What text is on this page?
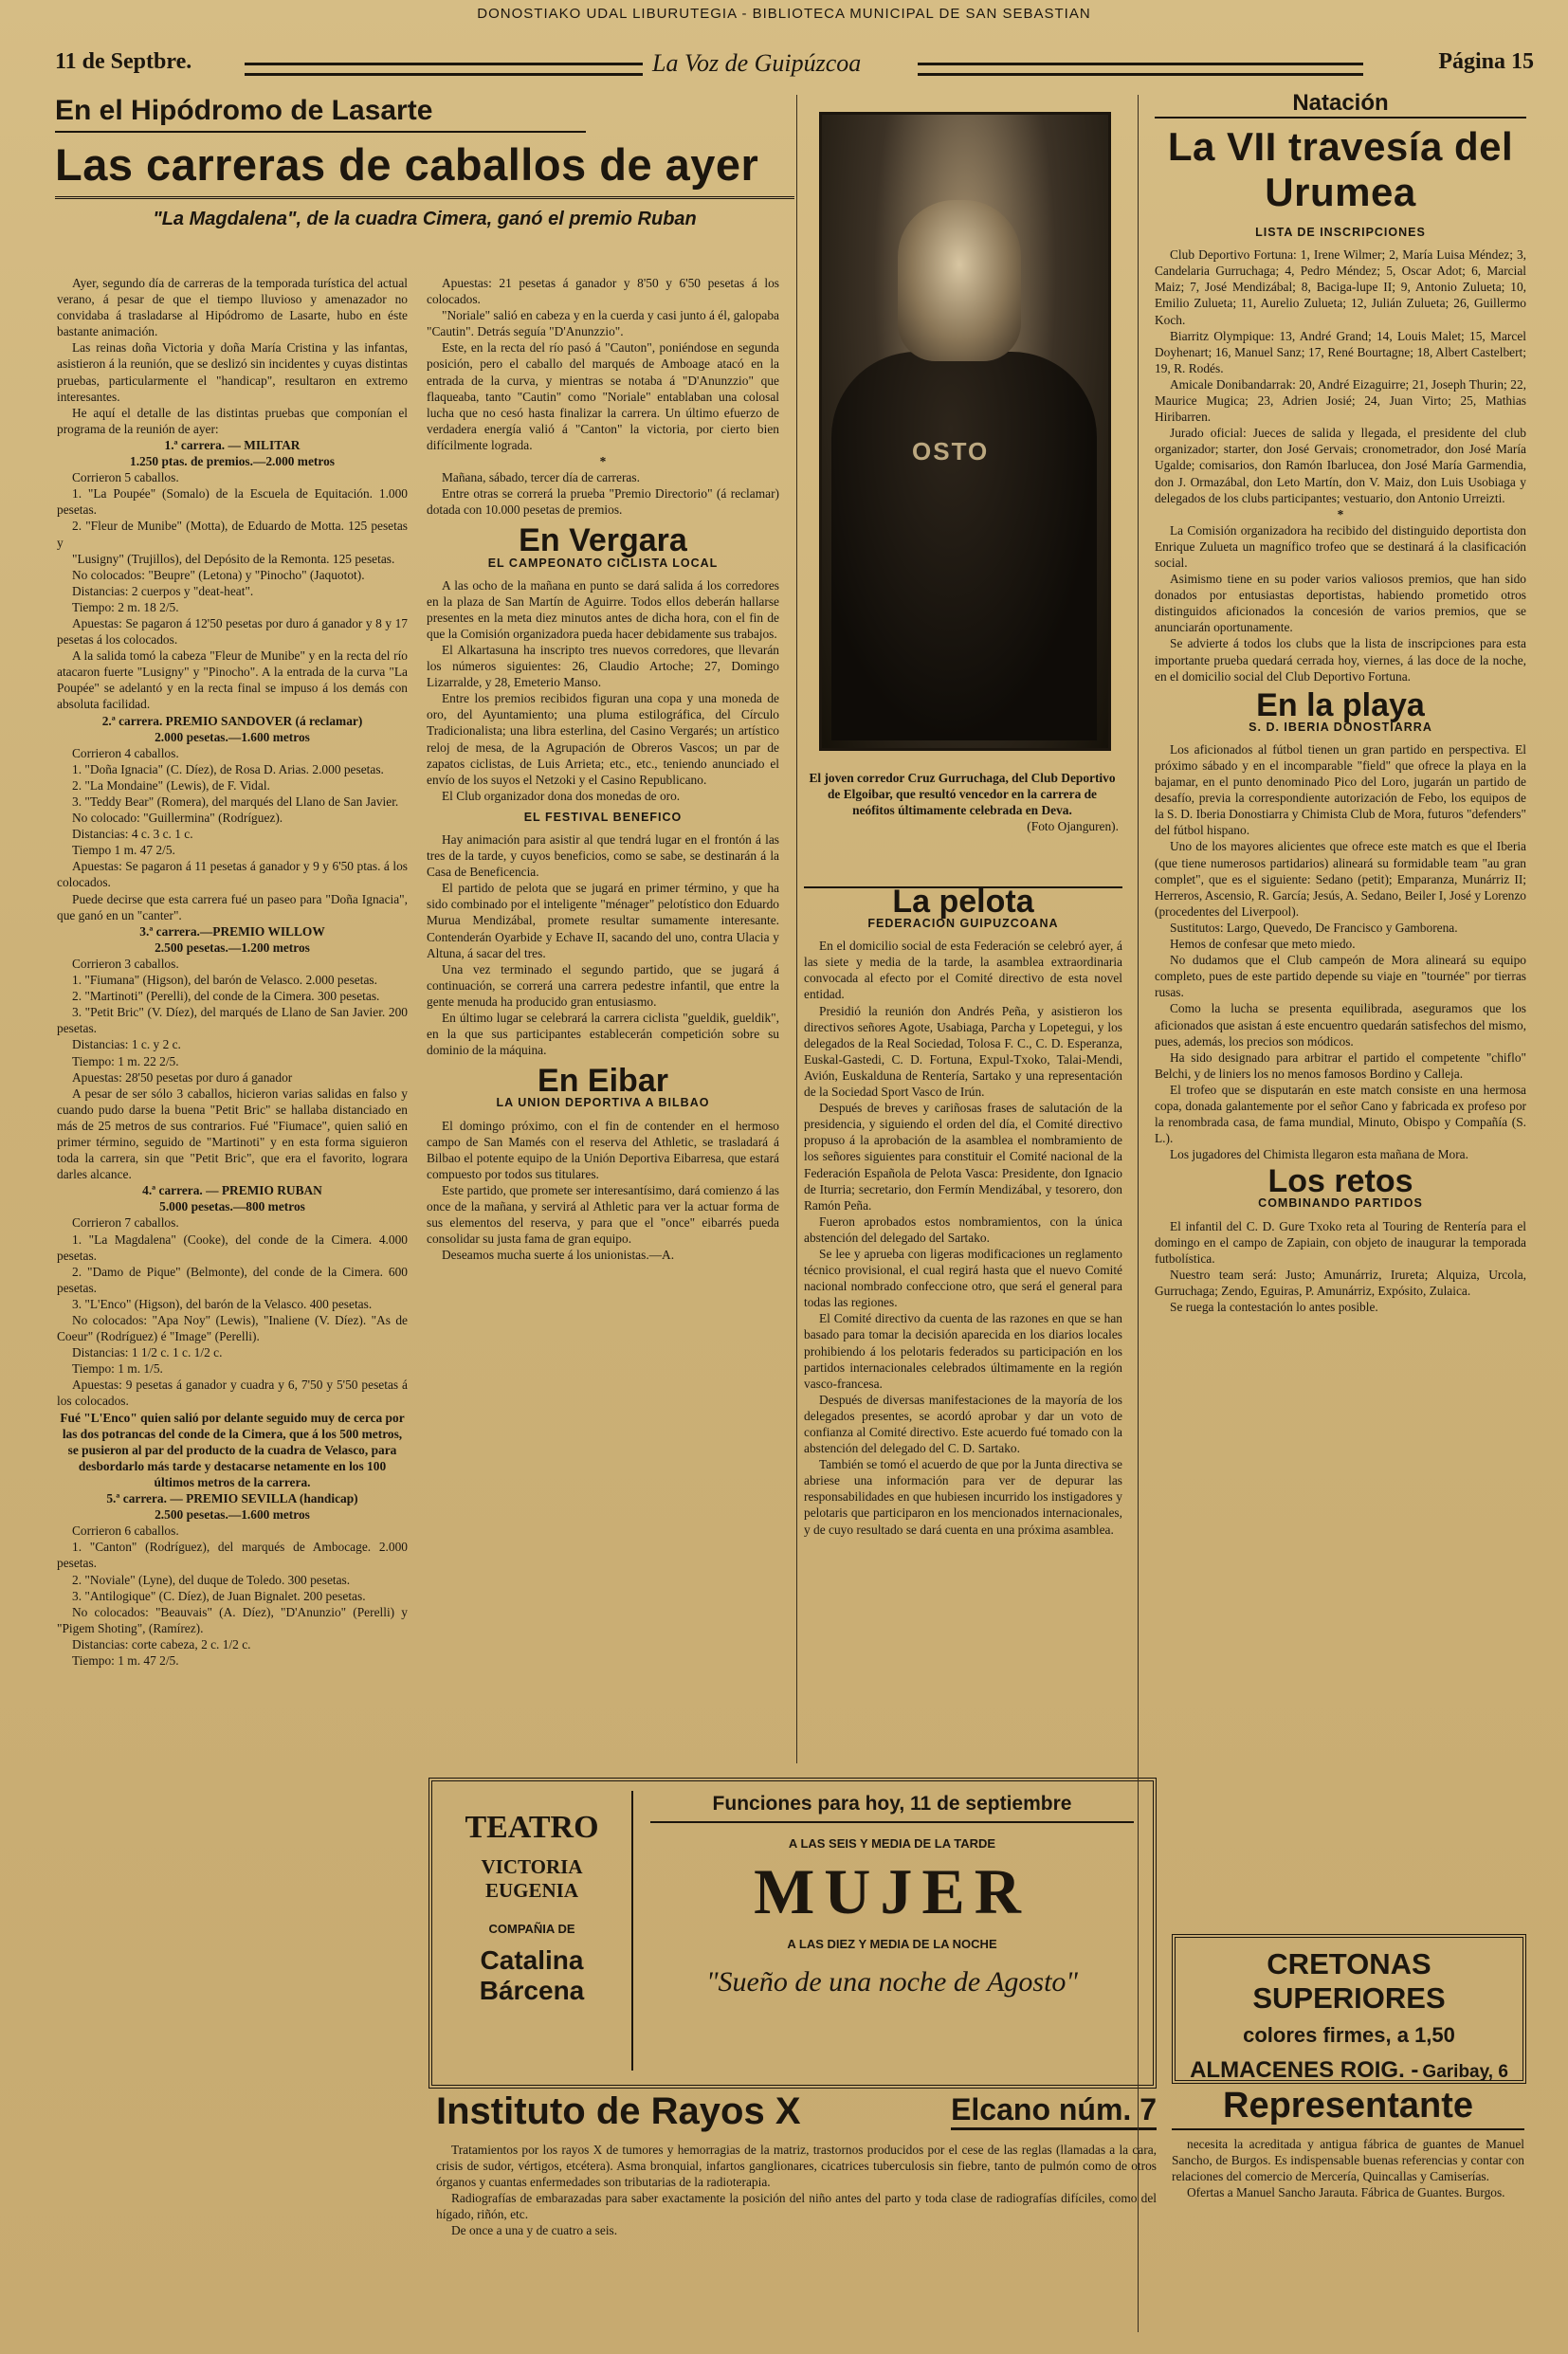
DONOSTIAKO UDAL LIBURUTEGIA - BIBLIOTECA MUNICIPAL DE SAN SEBASTIAN
11 de Septbre.	La Voz de Guipúzcoa	Página 15
En el Hipódromo de Lasarte
Las carreras de caballos de ayer
"La Magdalena", de la cuadra Cimera, ganó el premio Ruban

Ayer, segundo día de carreras de la temporada turística del actual verano, á pesar de que el tiempo lluvioso y amenazador no convidaba á trasladarse al Hipódromo de Lasarte, hubo en éste bastante animación.

Las reinas doña Victoria y doña María Cristina y las infantas, asistieron á la reunión, que se deslizó sin incidentes y cuyas distintas pruebas, particularmente el "handicap", resultaron en extremo interesantes.

He aquí el detalle de las distintas pruebas que componían el programa de la reunión de ayer:

1.ª carrera. — MILITAR

1.250 ptas. de premios.—2.000 metros

Corrieron 5 caballos.

1. "La Poupée" (Somalo) de la Escuela de Equitación. 1.000 pesetas.

2. "Fleur de Munibe" (Motta), de Eduardo de Motta. 125 pesetas y

"Lusigny" (Trujillos), del Depósito de la Remonta. 125 pesetas.

No colocados: "Beupre" (Letona) y "Pinocho" (Jaquotot).

Distancias: 2 cuerpos y "deat-heat".

Tiempo: 2 m. 18 2/5.

Apuestas: Se pagaron á 12'50 pesetas por duro á ganador y 8 y 17 pesetas á los colocados.

A la salida tomó la cabeza "Fleur de Munibe" y en la recta del río atacaron fuerte "Lusigny" y "Pinocho". A la entrada de la curva "La Poupée" se adelantó y en la recta final se impuso á los demás con absoluta facilidad.

2.ª carrera. PREMIO SANDOVER (á reclamar)

2.000 pesetas.—1.600 metros

Corrieron 4 caballos.

1. "Doña Ignacia" (C. Díez), de Rosa D. Arias. 2.000 pesetas.

2. "La Mondaine" (Lewis), de F. Vidal.

3. "Teddy Bear" (Romera), del marqués del Llano de San Javier.

No colocado: "Guillermina" (Rodríguez).

Distancias: 4 c. 3 c. 1 c.

Tiempo 1 m. 47 2/5.

Apuestas: Se pagaron á 11 pesetas á ganador y 9 y 6'50 ptas. á los colocados.

Puede decirse que esta carrera fué un paseo para "Doña Ignacia", que ganó en un "canter".

3.ª carrera.—PREMIO WILLOW

2.500 pesetas.—1.200 metros

Corrieron 3 caballos.

1. "Fiumana" (Higson), del barón de Velasco. 2.000 pesetas.

2. "Martinoti" (Perelli), del conde de la Cimera. 300 pesetas.

3. "Petit Bric" (V. Díez), del marqués de Llano de San Javier. 200 pesetas.

Distancias: 1 c. y 2 c.

Tiempo: 1 m. 22 2/5.

Apuestas: 28'50 pesetas por duro á ganador

A pesar de ser sólo 3 caballos, hicieron varias salidas en falso y cuando pudo darse la buena "Petit Bric" se hallaba distanciado en más de 25 metros de sus contrarios. Fué "Fiumace", quien salió en primer término, seguido de "Martinoti" y en esta forma siguieron toda la carrera, sin que "Petit Bric", que era el favorito, lograra darles alcance.

4.ª carrera. — PREMIO RUBAN

5.000 pesetas.—800 metros

Corrieron 7 caballos.

1. "La Magdalena" (Cooke), del conde de la Cimera. 4.000 pesetas.

2. "Damo de Pique" (Belmonte), del conde de la Cimera. 600 pesetas.

3. "L'Enco" (Higson), del barón de la Velasco. 400 pesetas.

No colocados: "Apa Noy" (Lewis), "Inaliene (V. Díez). "As de Coeur" (Rodríguez) é "Image" (Perelli).

Distancias: 1 1/2 c. 1 c. 1/2 c.

Tiempo: 1 m. 1/5.

Apuestas: 9 pesetas á ganador y cuadra y 6, 7'50 y 5'50 pesetas á los colocados.

Fué "L'Enco" quien salió por delante seguido muy de cerca por las dos potrancas del conde de la Cimera, que á los 500 metros, se pusieron al par del producto de la cuadra de Velasco, para desbordarlo más tarde y destacarse netamente en los 100 últimos metros de la carrera.

5.ª carrera. — PREMIO SEVILLA (handicap)

2.500 pesetas.—1.600 metros

Corrieron 6 caballos.

1. "Canton" (Rodríguez), del marqués de Ambocage. 2.000 pesetas.

2. "Noviale" (Lyne), del duque de Toledo. 300 pesetas.

3. "Antilogique" (C. Díez), de Juan Bignalet. 200 pesetas.

No colocados: "Beauvais" (A. Díez), "D'Anunzio" (Perelli) y "Pigem Shoting", (Ramírez).

Distancias: corte cabeza, 2 c. 1/2 c.

Tiempo: 1 m. 47 2/5.

Apuestas: 21 pesetas á ganador y 8'50 y 6'50 pesetas á los colocados.

"Noriale" salió en cabeza y en la cuerda y casi junto á él, galopaba "Cautin". Detrás seguía "D'Anunzzio".

Este, en la recta del río pasó á "Cauton", poniéndose en segunda posición, pero el caballo del marqués de Amboage atacó en la entrada de la curva, y mientras se notaba á "D'Anunzzio" que flaqueaba, tanto "Cautin" como "Noriale" entablaban una colosal lucha que no cesó hasta finalizar la carrera. Un último efuerzo de verdadera energía valió á "Canton" la victoria, por cierto bien difícilmente lograda.

*

Mañana, sábado, tercer día de carreras.

Entre otras se correrá la prueba "Premio Directorio" (á reclamar) dotada con 10.000 pesetas de premios.

En Vergara
EL CAMPEONATO CICLISTA LOCAL

A las ocho de la mañana en punto se dará salida á los corredores en la plaza de San Martín de Aguirre. Todos ellos deberán hallarse presentes en la meta diez minutos antes de dicha hora, con el fin de que la Comisión organizadora pueda hacer debidamente sus trabajos.

El Alkartasuna ha inscripto tres nuevos corredores, que llevarán los números siguientes: 26, Claudio Artoche; 27, Domingo Lizarralde, y 28, Emeterio Manso.

Entre los premios recibidos figuran una copa y una moneda de oro, del Ayuntamiento; una pluma estilográfica, del Círculo Tradicionalista; una libra esterlina, del Casino Vergarés; un artístico reloj de mesa, de la Agrupación de Obreros Vascos; un par de zapatos ciclistas, de Luis Arrieta; etc., etc., teniendo anunciado el envío de los suyos el Netzoki y el Casino Republicano.

El Club organizador dona dos monedas de oro.

EL FESTIVAL BENEFICO

Hay animación para asistir al que tendrá lugar en el frontón á las tres de la tarde, y cuyos beneficios, como se sabe, se destinarán á la Casa de Beneficencia.

El partido de pelota que se jugará en primer término, y que ha sido combinado por el inteligente "ménager" pelotístico don Eduardo Murua Mendizábal, promete resultar sumamente interesante. Contenderán Oyarbide y Echave II, sacando del uno, contra Ulacia y Altuna, á sacar del tres.

Una vez terminado el segundo partido, que se jugará á continuación, se correrá una carrera pedestre infantil, que entre la gente menuda ha producido gran entusiasmo.

En último lugar se celebrará la carrera ciclista "gueldik, gueldik", en la que sus participantes establecerán competición sobre su dominio de la máquina.

En Eibar
LA UNION DEPORTIVA A BILBAO

El domingo próximo, con el fin de contender en el hermoso campo de San Mamés con el reserva del Athletic, se trasladará á Bilbao el potente equipo de la Unión Deportiva Eibarresa, que estará compuesto por todos sus titulares.

Este partido, que promete ser interesantísimo, dará comienzo á las once de la mañana, y servirá al Athletic para ver la actuar forma de sus elementos del reserva, y para que el "once" eibarrés pueda consolidar su justa fama de gran equipo.

Deseamos mucha suerte á los unionistas.—A.

OSTO
El joven corredor Cruz Gurruchaga, del Club Deportivo de Elgoibar, que resultó vencedor en la carrera de neófitos últimamente celebrada en Deva.
(Foto Ojanguren).
La pelota
FEDERACION GUIPUZCOANA

En el domicilio social de esta Federación se celebró ayer, á las siete y media de la tarde, la asamblea extraordinaria convocada al efecto por el Comité directivo de esta novel entidad.

Presidió la reunión don Andrés Peña, y asistieron los directivos señores Agote, Usabiaga, Parcha y Lopetegui, y los delegados de la Real Sociedad, Tolosa F. C., C. D. Esperanza, Euskal-Gastedi, C. D. Fortuna, Expul-Txoko, Talai-Mendi, Avión, Euskalduna de Rentería, Sartako y una representación de la Sociedad Sport Vasco de Irún.

Después de breves y cariñosas frases de salutación de la presidencia, y siguiendo el orden del día, el Comité directivo propuso á la aprobación de la asamblea el nombramiento de los señores siguientes para constituir el Comité nacional de la Federación Española de Pelota Vasca: Presidente, don Ignacio de Iturria; secretario, don Fermín Mendizábal, y tesorero, don Ramón Peña.

Fueron aprobados estos nombramientos, con la única abstención del delegado del Sartako.

Se lee y aprueba con ligeras modificaciones un reglamento técnico provisional, el cual regirá hasta que el nuevo Comité nacional nombrado confeccione otro, que será el general para todas las regiones.

El Comité directivo da cuenta de las razones en que se han basado para tomar la decisión aparecida en los diarios locales prohibiendo á los pelotaris federados su participación en los partidos internacionales celebrados últimamente en la región vasco-francesa.

Después de diversas manifestaciones de la mayoría de los delegados presentes, se acordó aprobar y dar un voto de confianza al Comité directivo. Este acuerdo fué tomado con la abstención del delegado del C. D. Sartako.

También se tomó el acuerdo de que por la Junta directiva se abriese una información para ver de depurar las responsabilidades en que hubiesen incurrido los instigadores y pelotaris que participaron en los mencionados internacionales, y de cuyo resultado se dará cuenta en una próxima asamblea.

Natación
La VII travesía del Urumea
LISTA DE INSCRIPCIONES

Club Deportivo Fortuna: 1, Irene Wilmer; 2, María Luisa Méndez; 3, Candelaria Gurruchaga; 4, Pedro Méndez; 5, Oscar Adot; 6, Marcial Maiz; 7, José Mendizábal; 8, Baciga-lupe II; 9, Antonio Zulueta; 10, Emilio Zulueta; 11, Aurelio Zulueta; 12, Julián Zulueta; 26, Guillermo Koch.

Biarritz Olympique: 13, André Grand; 14, Louis Malet; 15, Marcel Doyhenart; 16, Manuel Sanz; 17, René Bourtagne; 18, Albert Castelbert; 19, R. Rodés.

Amicale Donibandarrak: 20, André Eizaguirre; 21, Joseph Thurin; 22, Maurice Mugica; 23, Adrien Josié; 24, Juan Virto; 25, Mathias Hiribarren.

Jurado oficial: Jueces de salida y llegada, el presidente del club organizador; starter, don José Gervais; cronometrador, don José María Ugalde; comisarios, don Ramón Ibarlucea, don José María Garmendia, don J. Ormazábal, don Leto Martín, don V. Maiz, don Luis Usobiaga y delegados de los clubs participantes; vestuario, don Antonio Urreizti.

*

La Comisión organizadora ha recibido del distinguido deportista don Enrique Zulueta un magnífico trofeo que se destinará á la clasificación social.

Asimismo tiene en su poder varios valiosos premios, que han sido donados por entusiastas deportistas, habiendo prometido otros distinguidos aficionados la concesión de varios premios, que se anunciarán oportunamente.

Se advierte á todos los clubs que la lista de inscripciones para esta importante prueba quedará cerrada hoy, viernes, á las doce de la noche, en el domicilio social del Club Deportivo Fortuna.

En la playa
S. D. IBERIA DONOSTIARRA

Los aficionados al fútbol tienen un gran partido en perspectiva. El próximo sábado y en el incomparable "field" que ofrece la playa en la bajamar, en el punto denominado Pico del Loro, jugarán un partido de desafío, previa la correspondiente autorización de Febo, los equipos de la S. D. Iberia Donostiarra y Chimista Club de Mora, futuros "defenders" del fútbol hispano.

Uno de los mayores alicientes que ofrece este match es que el Iberia (que tiene numerosos partidarios) alineará su formidable team "au gran complet", que es el siguiente: Sedano (petit); Emparanza, Munárriz II; Herreros, Ascensio, R. García; Jesús, A. Sedano, Beiler I, José y Lorenzo (procedentes del Liverpool).

Sustitutos: Largo, Quevedo, De Francisco y Gamborena.

Hemos de confesar que meto miedo.

No dudamos que el Club campeón de Mora alineará su equipo completo, pues de este partido depende su viaje en "tournée" por tierras rusas.

Como la lucha se presenta equilibrada, aseguramos que los aficionados que asistan á este encuentro quedarán satisfechos del mismo, pues, además, los precios son módicos.

Ha sido designado para arbitrar el partido el competente "chiflo" Belchi, y de liniers los no menos famosos Bordino y Calleja.

El trofeo que se disputarán en este match consiste en una hermosa copa, donada galantemente por el señor Cano y fabricada ex profeso por la renombrada casa, de fama mundial, Minuto, Obispo y Compañía (S. L.).

Los jugadores del Chimista llegaron esta mañana de Mora.

Los retos
COMBINANDO PARTIDOS

El infantil del C. D. Gure Txoko reta al Touring de Rentería para el domingo en el campo de Zapiain, con objeto de inaugurar la temporada futbolística.

Nuestro team será: Justo; Amunárriz, Irureta; Alquiza, Urcola, Gurruchaga; Zendo, Eguiras, P. Amunárriz, Expósito, Zulaica.

Se ruega la contestación lo antes posible.

TEATRO
VICTORIA EUGENIA
COMPAÑIA DE
Catalina
Bárcena
Funciones para hoy, 11 de septiembre
A LAS SEIS Y MEDIA DE LA TARDE
MUJER
A LAS DIEZ Y MEDIA DE LA NOCHE
"Sueño de una noche de Agosto"
Instituto de Rayos X	Elcano núm. 7

Tratamientos por los rayos X de tumores y hemorragias de la matriz, trastornos producidos por el cese de las reglas (llamadas a la cara, crisis de sudor, vértigos, etcétera). Asma bronquial, infartos ganglionares, cicatrices tuberculosis sin fiebre, tanto de pulmón como de otros órganos y cuantas enfermedades son tributarias de la radioterapia.

Radiografías de embarazadas para saber exactamente la posición del niño antes del parto y toda clase de radiografías difíciles, como del hígado, riñón, etc.

De once a una y de cuatro a seis.

CRETONAS SUPERIORES
colores firmes, a 1,50
ALMACENES ROIG. - Garibay, 6
Representante

necesita la acreditada y antigua fábrica de guantes de Manuel Sancho, de Burgos. Es indispensable buenas referencias y contar con relaciones del comercio de Mercería, Quincallas y Camiserías.

Ofertas a Manuel Sancho Jarauta. Fábrica de Guantes. Burgos.
